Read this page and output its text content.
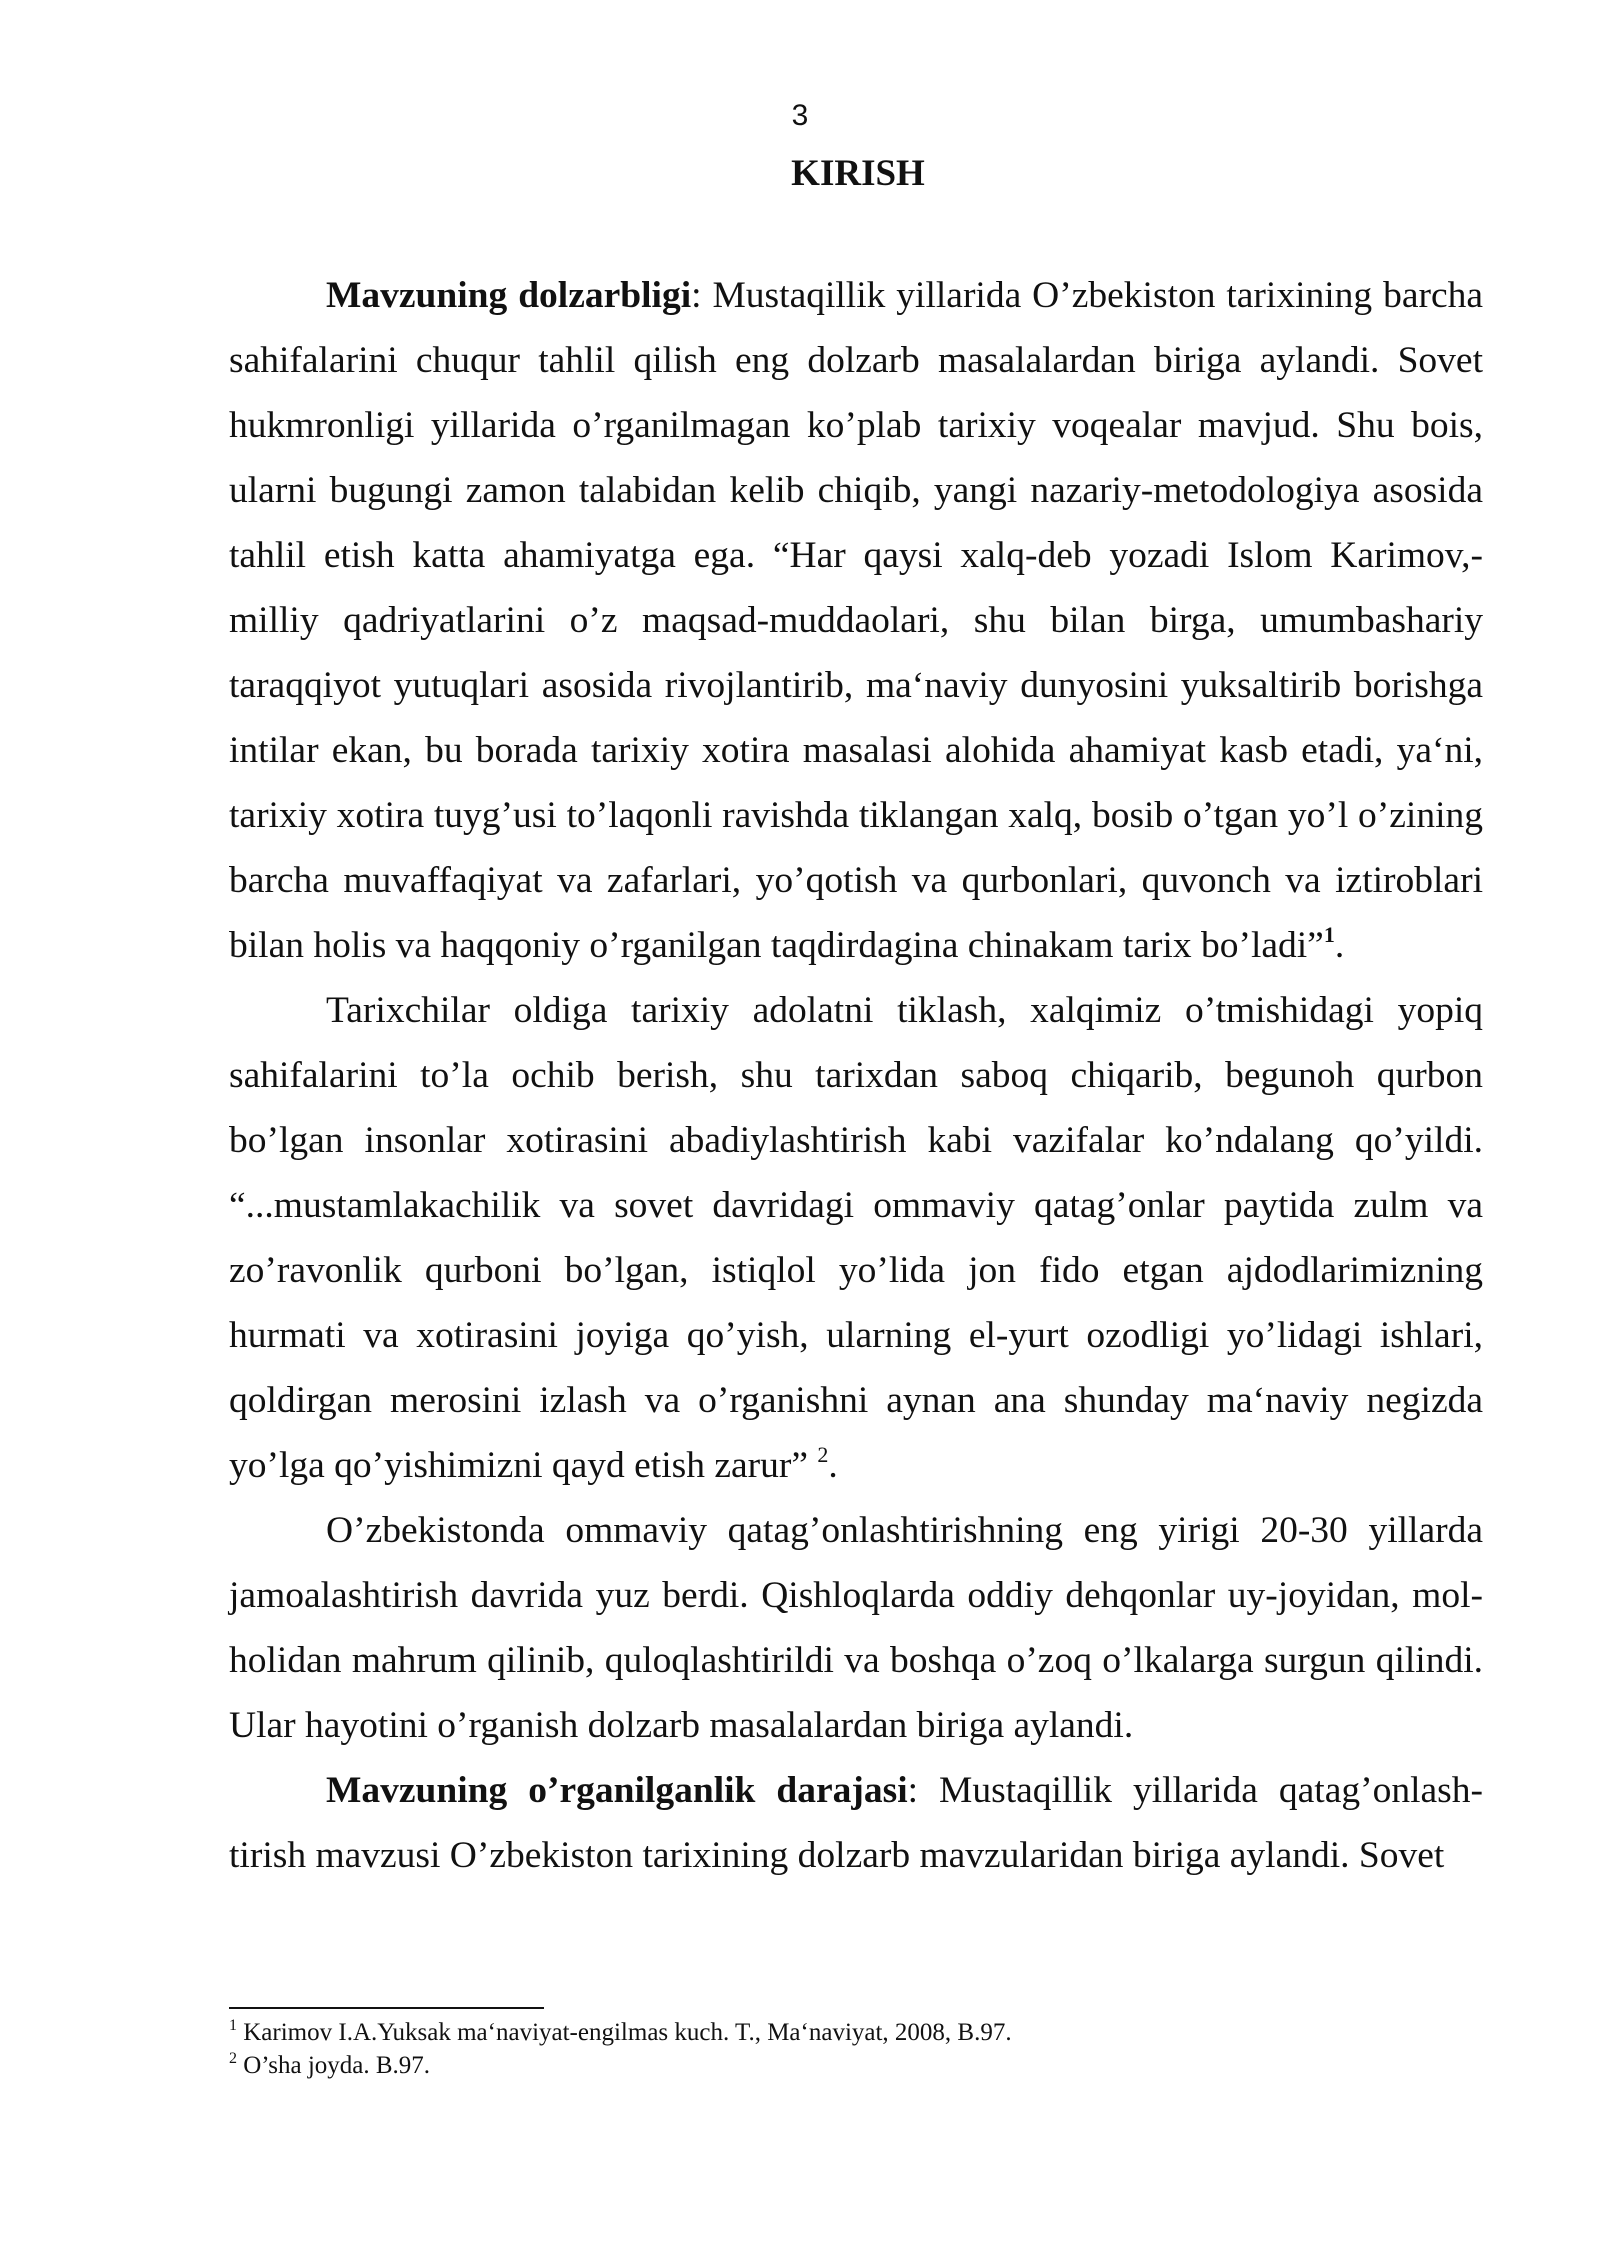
3
KIRISH

Mavzuning dolzarbligi: Mustaqillik yillarida O’zbekiston tarixining barcha sahifalarini chuqur tahlil qilish eng dolzarb masalalardan biriga aylandi. Sovet hukmronligi yillarida o’rganilmagan ko’plab tarixiy voqealar mavjud. Shu bois, ularni bugungi zamon talabidan kelib chiqib, yangi nazariy-metodologiya asosida tahlil etish katta ahamiyatga ega. “Har qaysi xalq-deb yozadi Islom Karimov,- milliy qadriyatlarini o’z maqsad-muddaolari, shu bilan birga, umumbashariy taraqqiyot yutuqlari asosida rivojlantirib, ma‘naviy dunyosini yuksaltirib borishga intilar ekan, bu borada tarixiy xotira masalasi alohida ahamiyat kasb etadi, ya‘ni, tarixiy xotira tuyg’usi to’laqonli ravishda tiklangan xalq, bosib o’tgan yo’l o’zining barcha muvaffaqiyat va zafarlari, yo’qotish va qurbonlari, quvonch va iztiroblari bilan holis va haqqoniy o’rganilgan taqdirdagina chinakam tarix bo’ladi”$^1$.

Tarixchilar oldiga tarixiy adolatni tiklash, xalqimiz o’tmishidagi yopiq sahifalarini to’la ochib berish, shu tarixdan saboq chiqarib, begunoh qurbon bo’lgan insonlar xotirasini abadiylashtirish kabi vazifalar ko’ndalang qo’yildi. “...mustamlakachilik va sovet davridagi ommaviy qatag’onlar paytida zulm va zo’ravonlik qurboni bo’lgan, istiqlol yo’lida jon fido etgan ajdodlarimizning hurmati va xotirasini joyiga qo’yish, ularning el-yurt ozodligi yo’lidagi ishlari, qoldirgan merosini izlash va o’rganishni aynan ana shunday ma‘naviy negizda yo’lga qo’yishimizni qayd etish zarur” $^2$.

O’zbekistonda ommaviy qatag’onlashtirishning eng yirigi 20-30 yillarda jamoalashtirish davrida yuz berdi. Qishloqlarda oddiy dehqonlar uy-joyidan, mol-holidan mahrum qilinib, quloqlashtirildi va boshqa o’zoq o’lkalarga surgun qilindi. Ular hayotini o’rganish dolzarb masalalardan biriga aylandi.

Mavzuning o’rganilganlik darajasi: Mustaqillik yillarida qatag’onlash-tirish mavzusi O’zbekiston tarixining dolzarb mavzularidan biriga aylandi. Sovet

$^1$ Karimov I.A.Yuksak ma‘naviyat-engilmas kuch. T., Ma‘naviyat, 2008, B.97.
$^2$ O’sha joyda. B.97.
